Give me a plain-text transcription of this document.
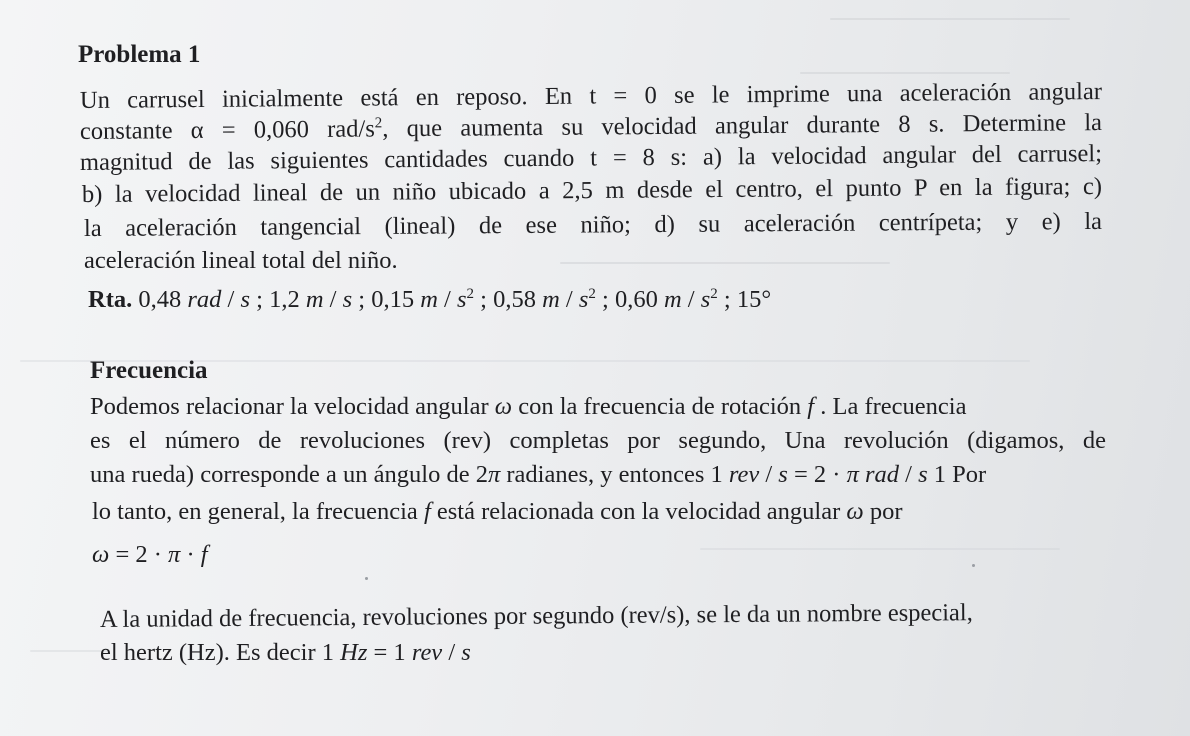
Problema 1
Un carrusel inicialmente está en reposo. En t = 0 se le imprime una aceleración angular
constante α = 0,060 rad/$s^2$, que aumenta su velocidad angular durante 8 s. Determine la
magnitud de las siguientes cantidades cuando t = 8 s: a) la velocidad angular del carrusel;
b) la velocidad lineal de un niño ubicado a 2,5 m desde el centro, el punto P en la figura; c)
la aceleración tangencial (lineal) de ese niño; d) su aceleración centrípeta; y e) la
aceleración lineal total del niño.
Rta. 0,48 rad / s ; 1,2 m / s ; 0,15 m / $s^2$ ; 0,58 m / $s^2$ ; 0,60 m / $s^2$ ; 15°
Frecuencia
Podemos relacionar la velocidad angular ω con la frecuencia de rotación f . La frecuencia
es el número de revoluciones (rev) completas por segundo, Una revolución (digamos, de
una rueda) corresponde a un ángulo de 2π radianes, y entonces 1 rev / s = 2 · π rad / s 1 Por
lo tanto, en general, la frecuencia f está relacionada con la velocidad angular ω por
ω = 2 · π · f
A la unidad de frecuencia, revoluciones por segundo (rev/s), se le da un nombre especial,
el hertz (Hz). Es decir 1 Hz = 1 rev / s
